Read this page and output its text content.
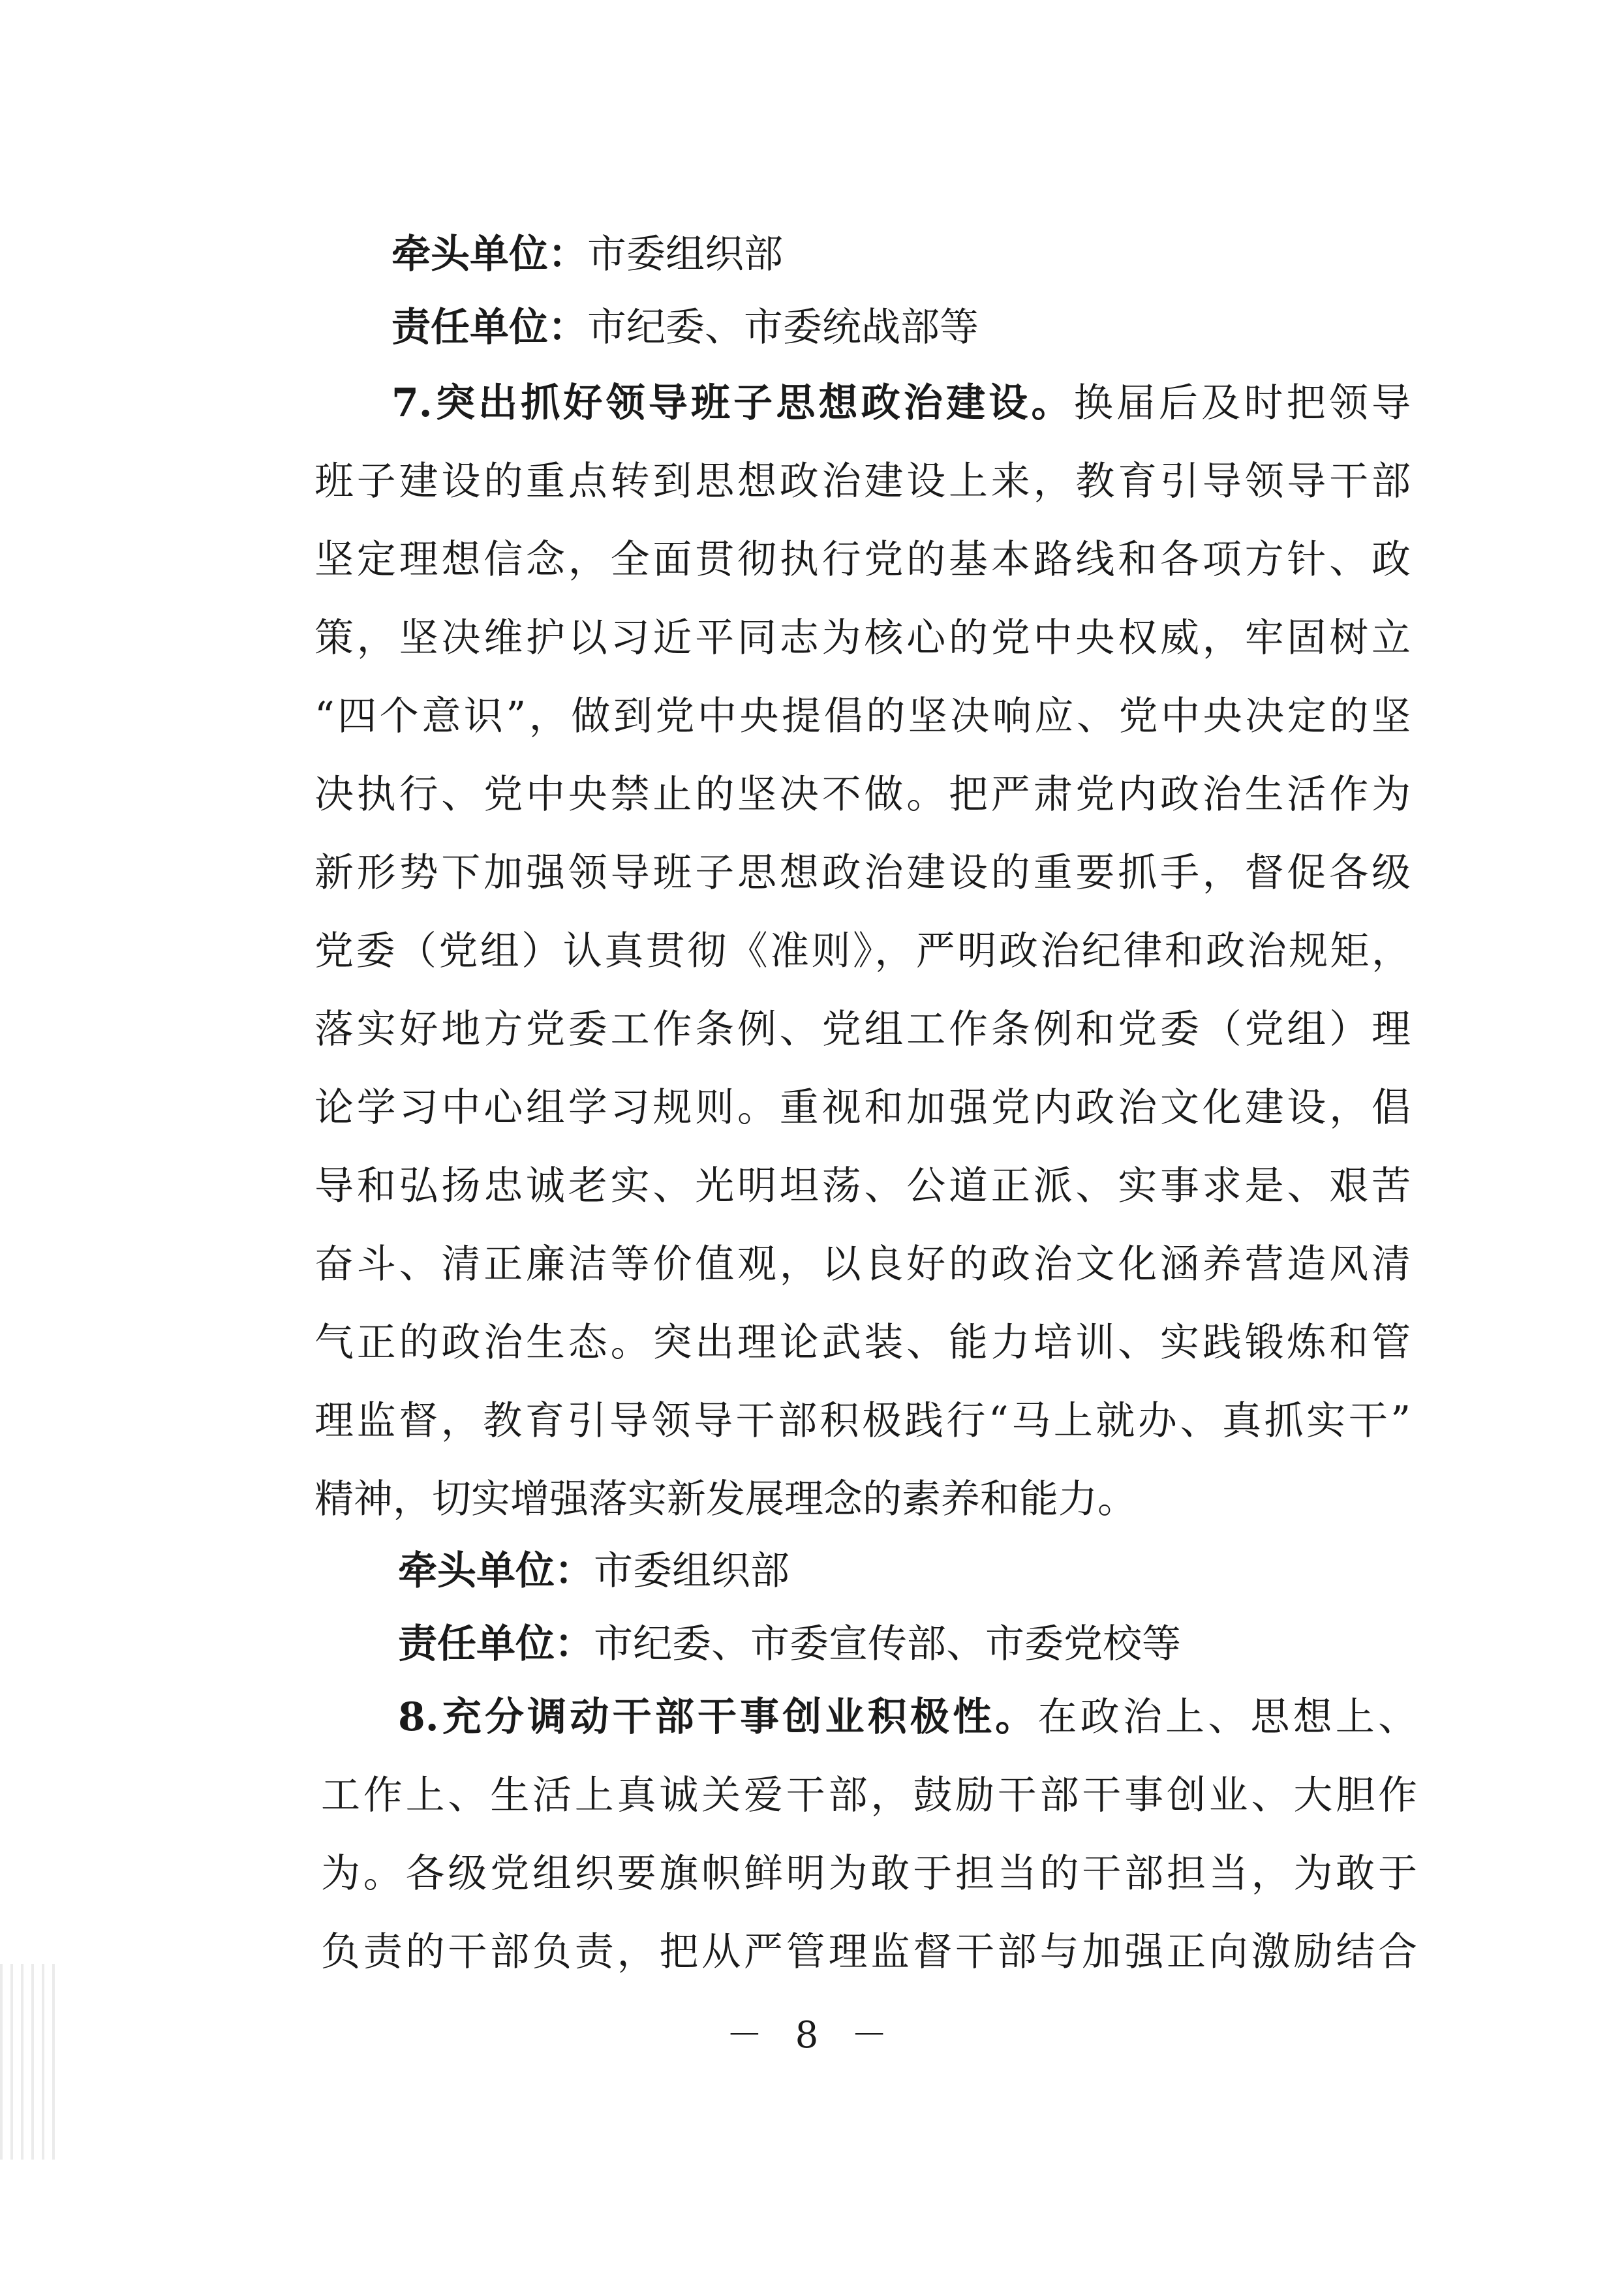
牵头单位：市委组织部
责任单位：市纪委、市委统战部等
7.突出抓好领导班子思想政治建设。换届后及时把领导
班子建设的重点转到思想政治建设上来，教育引导领导干部
坚定理想信念，全面贯彻执行党的基本路线和各项方针、政
策，坚决维护以习近平同志为核心的党中央权威，牢固树立
“四个意识”，做到党中央提倡的坚决响应、党中央决定的坚
决执行、党中央禁止的坚决不做。把严肃党内政治生活作为
新形势下加强领导班子思想政治建设的重要抓手，督促各级
党委（党组）认真贯彻《准则》，严明政治纪律和政治规矩，
落实好地方党委工作条例、党组工作条例和党委（党组）理
论学习中心组学习规则。重视和加强党内政治文化建设，倡
导和弘扬忠诚老实、光明坦荡、公道正派、实事求是、艰苦
奋斗、清正廉洁等价值观，以良好的政治文化涵养营造风清
气正的政治生态。突出理论武装、能力培训、实践锻炼和管
理监督，教育引导领导干部积极践行“马上就办、真抓实干”
精神，切实增强落实新发展理念的素养和能力。
牵头单位：市委组织部
责任单位：市纪委、市委宣传部、市委党校等
8.充分调动干部干事创业积极性。在政治上、思想上、
工作上、生活上真诚关爱干部，鼓励干部干事创业、大胆作
为。各级党组织要旗帜鲜明为敢于担当的干部担当，为敢于
负责的干部负责，把从严管理监督干部与加强正向激励结合
－ 8 －
